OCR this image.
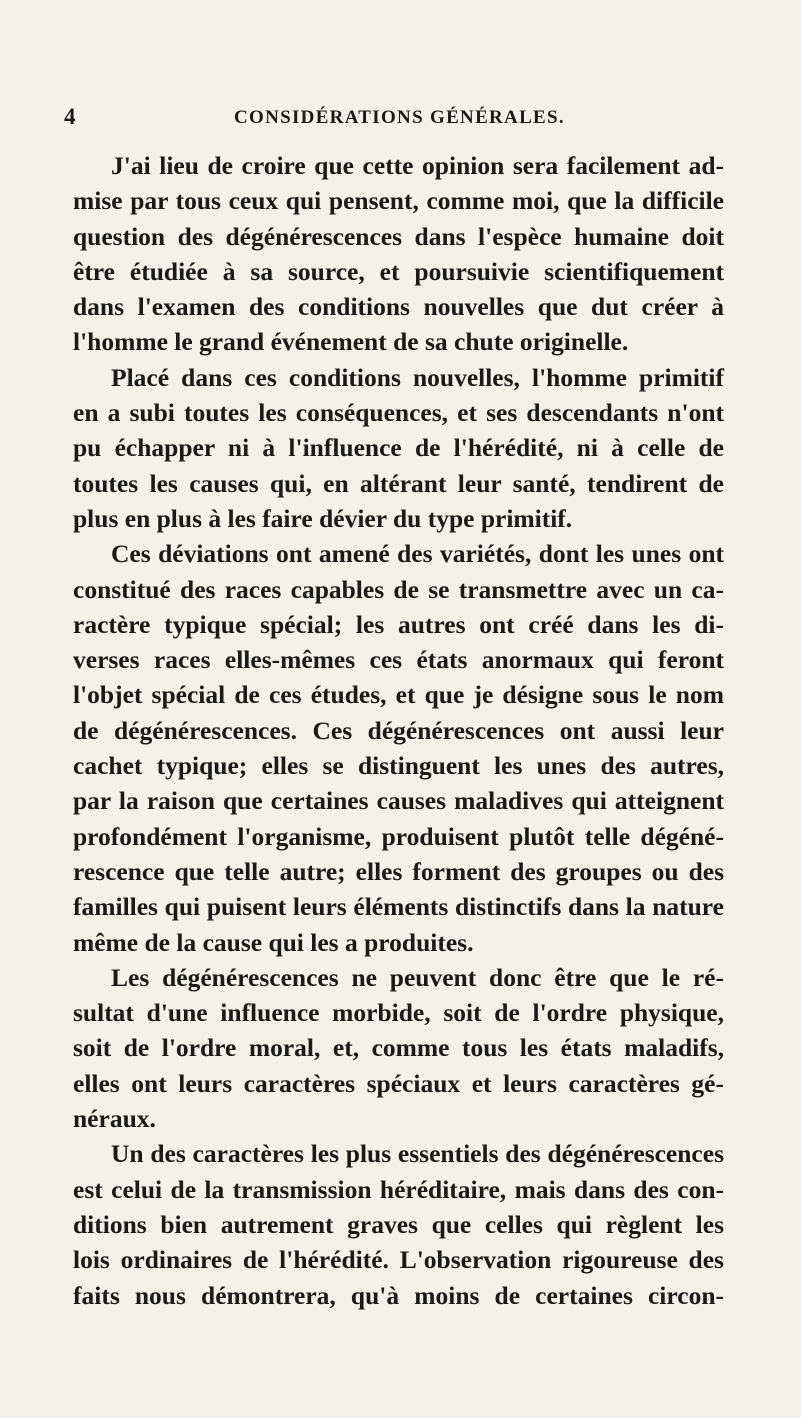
4	CONSIDÉRATIONS GÉNÉRALES.
J'ai lieu de croire que cette opinion sera facilement ad-
mise par tous ceux qui pensent, comme moi, que la difficile
question des dégénérescences dans l'espèce humaine doit
être étudiée à sa source, et poursuivie scientifiquement
dans l'examen des conditions nouvelles que dut créer à
l'homme le grand événement de sa chute originelle.
Placé dans ces conditions nouvelles, l'homme primitif
en a subi toutes les conséquences, et ses descendants n'ont
pu échapper ni à l'influence de l'hérédité, ni à celle de
toutes les causes qui, en altérant leur santé, tendirent de
plus en plus à les faire dévier du type primitif.
Ces déviations ont amené des variétés, dont les unes ont
constitué des races capables de se transmettre avec un ca-
ractère typique spécial; les autres ont créé dans les di-
verses races elles-mêmes ces états anormaux qui feront
l'objet spécial de ces études, et que je désigne sous le nom
de dégénérescences. Ces dégénérescences ont aussi leur
cachet typique; elles se distinguent les unes des autres,
par la raison que certaines causes maladives qui atteignent
profondément l'organisme, produisent plutôt telle dégéné-
rescence que telle autre; elles forment des groupes ou des
familles qui puisent leurs éléments distinctifs dans la nature
même de la cause qui les a produites.
Les dégénérescences ne peuvent donc être que le ré-
sultat d'une influence morbide, soit de l'ordre physique,
soit de l'ordre moral, et, comme tous les états maladifs,
elles ont leurs caractères spéciaux et leurs caractères gé-
néraux.
Un des caractères les plus essentiels des dégénérescences
est celui de la transmission héréditaire, mais dans des con-
ditions bien autrement graves que celles qui règlent les
lois ordinaires de l'hérédité. L'observation rigoureuse des
faits nous démontrera, qu'à moins de certaines circon-
